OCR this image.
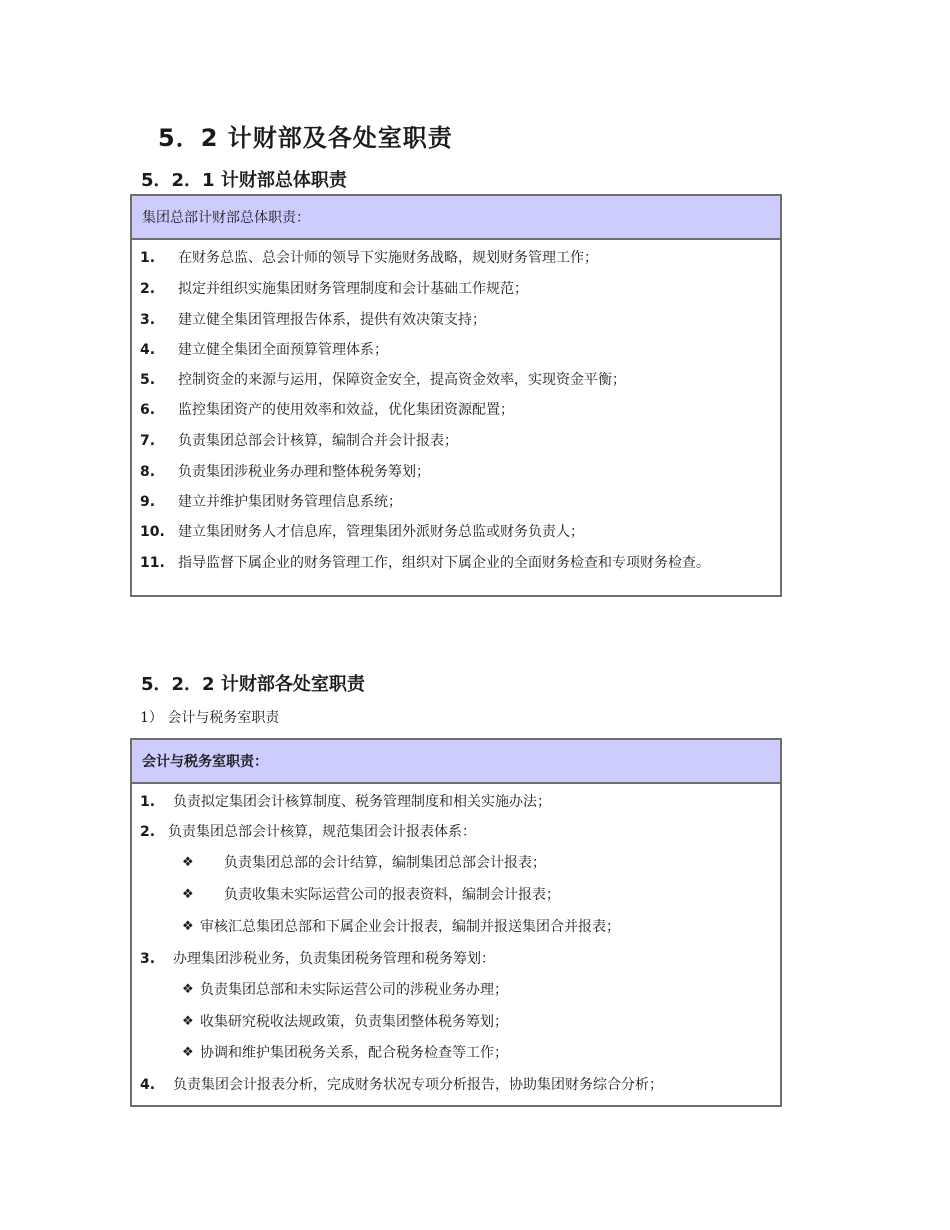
5．2 计财部及各处室职责
5．2．1 计财部总体职责
集团总部计财部总体职责：
1. 在财务总监、总会计师的领导下实施财务战略，规划财务管理工作；
2. 拟定并组织实施集团财务管理制度和会计基础工作规范；
3. 建立健全集团管理报告体系，提供有效决策支持；
4. 建立健全集团全面预算管理体系；
5. 控制资金的来源与运用，保障资金安全，提高资金效率，实现资金平衡；
6. 监控集团资产的使用效率和效益，优化集团资源配置；
7. 负责集团总部会计核算，编制合并会计报表；
8. 负责集团涉税业务办理和整体税务筹划；
9. 建立并维护集团财务管理信息系统；
10. 建立集团财务人才信息库，管理集团外派财务总监或财务负责人；
11. 指导监督下属企业的财务管理工作，组织对下属企业的全面财务检查和专项财务检查。
5．2．2 计财部各处室职责
1） 会计与税务室职责
会计与税务室职责：
1. 负责拟定集团会计核算制度、税务管理制度和相关实施办法；
2. 负责集团总部会计核算，规范集团会计报表体系：
❖ 负责集团总部的会计结算，编制集团总部会计报表；
❖ 负责收集未实际运营公司的报表资料，编制会计报表；
❖ 审核汇总集团总部和下属企业会计报表，编制并报送集团合并报表；
3. 办理集团涉税业务，负责集团税务管理和税务筹划：
❖ 负责集团总部和未实际运营公司的涉税业务办理；
❖ 收集研究税收法规政策，负责集团整体税务筹划；
❖ 协调和维护集团税务关系，配合税务检查等工作；
4. 负责集团会计报表分析，完成财务状况专项分析报告，协助集团财务综合分析；
